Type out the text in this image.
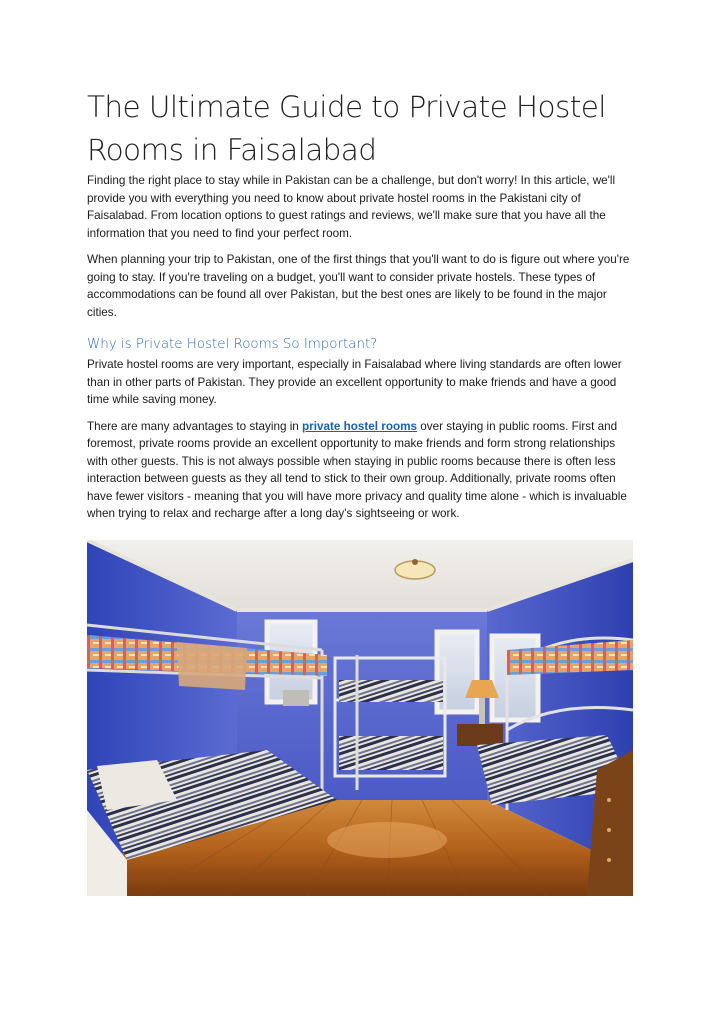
The Ultimate Guide to Private Hostel Rooms in Faisalabad

Finding the right place to stay while in Pakistan can be a challenge, but don't worry! In this article, we'll provide you with everything you need to know about private hostel rooms in the Pakistani city of Faisalabad. From location options to guest ratings and reviews, we'll make sure that you have all the information that you need to find your perfect room.

When planning your trip to Pakistan, one of the first things that you'll want to do is figure out where you're going to stay. If you're traveling on a budget, you'll want to consider private hostels. These types of accommodations can be found all over Pakistan, but the best ones are likely to be found in the major cities.

Why is Private Hostel Rooms So Important?

Private hostel rooms are very important, especially in Faisalabad where living standards are often lower than in other parts of Pakistan. They provide an excellent opportunity to make friends and have a good time while saving money.

There are many advantages to staying in private hostel rooms over staying in public rooms. First and foremost, private rooms provide an excellent opportunity to make friends and form strong relationships with other guests. This is not always possible when staying in public rooms because there is often less interaction between guests as they all tend to stick to their own group. Additionally, private rooms often have fewer visitors - meaning that you will have more privacy and quality time alone - which is invaluable when trying to relax and recharge after a long day's sightseeing or work.
